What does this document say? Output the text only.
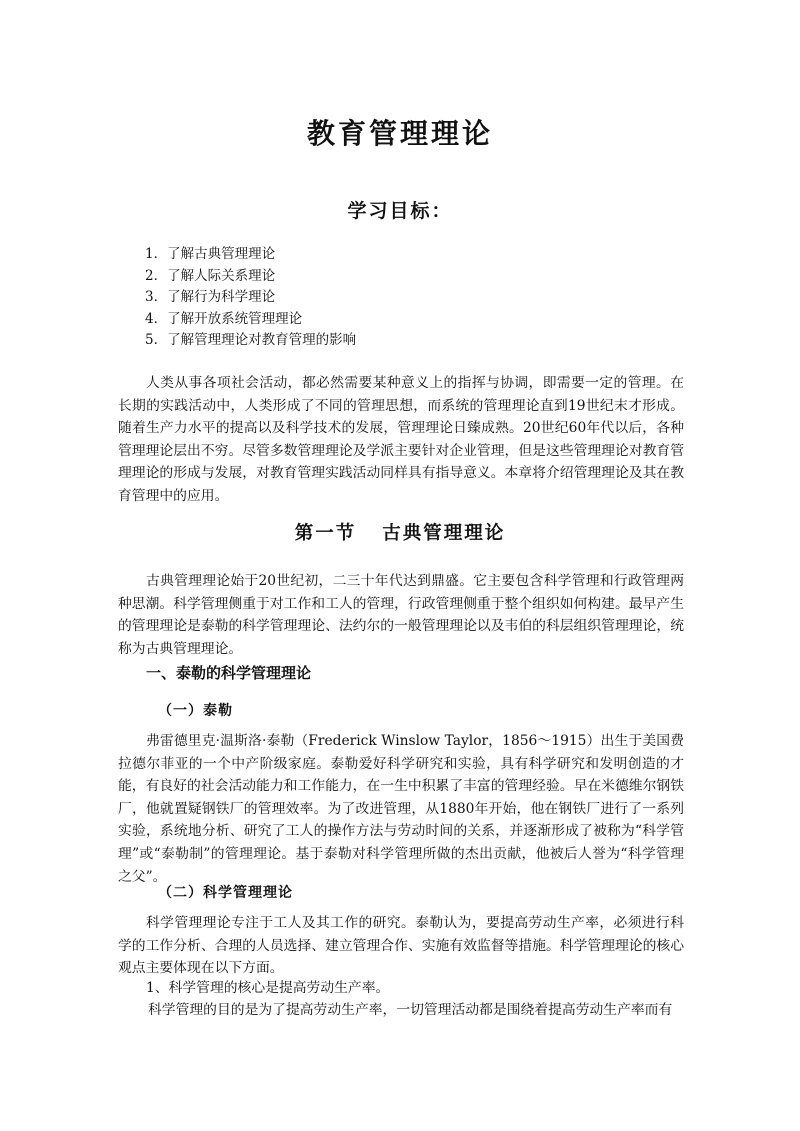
教育管理理论
学习目标：
1．了解古典管理理论
2．了解人际关系理论
3．了解行为科学理论
4．了解开放系统管理理论
5．了解管理理论对教育管理的影响

人类从事各项社会活动，都必然需要某种意义上的指挥与协调，即需要一定的管理。在长期的实践活动中，人类形成了不同的管理思想，而系统的管理理论直到19世纪末才形成。随着生产力水平的提高以及科学技术的发展，管理理论日臻成熟。20世纪60年代以后，各种管理理论层出不穷。尽管多数管理理论及学派主要针对企业管理，但是这些管理理论对教育管理理论的形成与发展，对教育管理实践活动同样具有指导意义。本章将介绍管理理论及其在教育管理中的应用。

第一节 古典管理理论

古典管理理论始于20世纪初，二三十年代达到鼎盛。它主要包含科学管理和行政管理两种思潮。科学管理侧重于对工作和工人的管理，行政管理侧重于整个组织如何构建。最早产生的管理理论是泰勒的科学管理理论、法约尔的一般管理理论以及韦伯的科层组织管理理论，统称为古典管理理论。

一、泰勒的科学管理理论
（一）泰勒

弗雷德里克·温斯洛·泰勒（Frederick Winslow Taylor，1856～1915）出生于美国费拉德尔菲亚的一个中产阶级家庭。泰勒爱好科学研究和实验，具有科学研究和发明创造的才能，有良好的社会活动能力和工作能力，在一生中积累了丰富的管理经验。早在米德维尔钢铁厂，他就置疑钢铁厂的管理效率。为了改进管理，从1880年开始，他在钢铁厂进行了一系列实验，系统地分析、研究了工人的操作方法与劳动时间的关系，并逐渐形成了被称为“科学管理”或“泰勒制”的管理理论。基于泰勒对科学管理所做的杰出贡献，他被后人誉为“科学管理之父”。

（二）科学管理理论

科学管理理论专注于工人及其工作的研究。泰勒认为，要提高劳动生产率，必须进行科学的工作分析、合理的人员选择、建立管理合作、实施有效监督等措施。科学管理理论的核心观点主要体现在以下方面。

1、科学管理的核心是提高劳动生产率。

科学管理的目的是为了提高劳动生产率，一切管理活动都是围绕着提高劳动生产率而有
